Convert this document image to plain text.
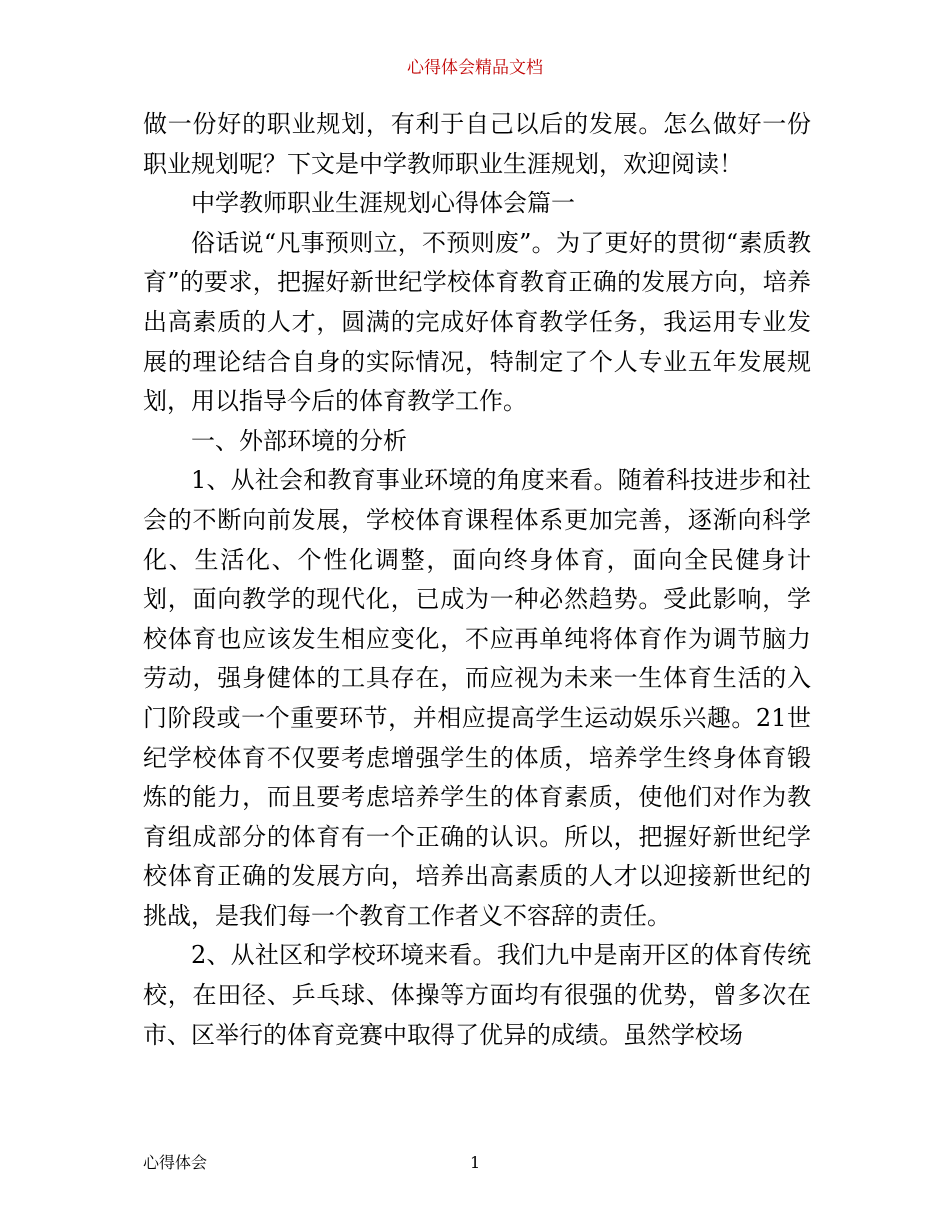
心得体会精品文档

做一份好的职业规划，有利于自己以后的发展。怎么做好一份职业规划呢？下文是中学教师职业生涯规划，欢迎阅读！

中学教师职业生涯规划心得体会篇一

俗话说“凡事预则立，不预则废”。为了更好的贯彻“素质教育”的要求，把握好新世纪学校体育教育正确的发展方向，培养出高素质的人才，圆满的完成好体育教学任务，我运用专业发展的理论结合自身的实际情况，特制定了个人专业五年发展规划，用以指导今后的体育教学工作。

一、外部环境的分析

1、从社会和教育事业环境的角度来看。随着科技进步和社会的不断向前发展，学校体育课程体系更加完善，逐渐向科学化、生活化、个性化调整，面向终身体育，面向全民健身计划，面向教学的现代化，已成为一种必然趋势。受此影响，学校体育也应该发生相应变化，不应再单纯将体育作为调节脑力劳动，强身健体的工具存在，而应视为未来一生体育生活的入门阶段或一个重要环节，并相应提高学生运动娱乐兴趣。21世纪学校体育不仅要考虑增强学生的体质，培养学生终身体育锻炼的能力，而且要考虑培养学生的体育素质，使他们对作为教育组成部分的体育有一个正确的认识。所以，把握好新世纪学校体育正确的发展方向，培养出高素质的人才以迎接新世纪的挑战，是我们每一个教育工作者义不容辞的责任。

2、从社区和学校环境来看。我们九中是南开区的体育传统校，在田径、乒乓球、体操等方面均有很强的优势，曾多次在市、区举行的体育竞赛中取得了优异的成绩。虽然学校场

心得体会	1
